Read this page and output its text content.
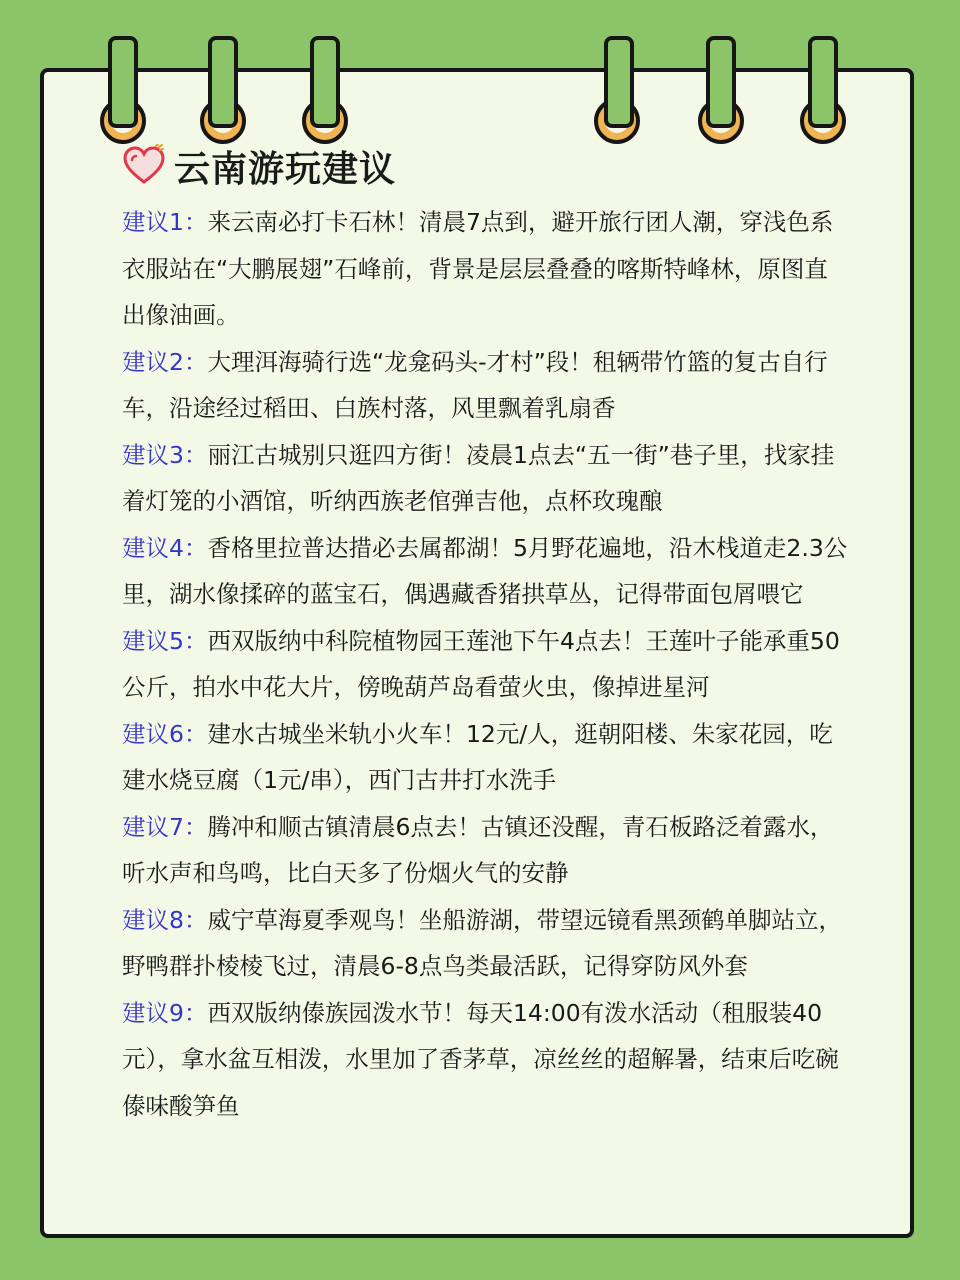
云南游玩建议

建议1：来云南必打卡石林！清晨7点到，避开旅行团人潮，穿浅色系衣服站在“大鹏展翅”石峰前，背景是层层叠叠的喀斯特峰林，原图直出像油画。

建议2：大理洱海骑行选“龙龛码头-才村”段！租辆带竹篮的复古自行车，沿途经过稻田、白族村落，风里飘着乳扇香

建议3：丽江古城别只逛四方街！凌晨1点去“五一街”巷子里，找家挂着灯笼的小酒馆，听纳西族老倌弹吉他，点杯玫瑰酿

建议4：香格里拉普达措必去属都湖！5月野花遍地，沿木栈道走2.3公里，湖水像揉碎的蓝宝石，偶遇藏香猪拱草丛，记得带面包屑喂它

建议5：西双版纳中科院植物园王莲池下午4点去！王莲叶子能承重50公斤，拍水中花大片，傍晚葫芦岛看萤火虫，像掉进星河

建议6：建水古城坐米轨小火车！12元/人，逛朝阳楼、朱家花园，吃建水烧豆腐（1元/串），西门古井打水洗手

建议7：腾冲和顺古镇清晨6点去！古镇还没醒，青石板路泛着露水，听水声和鸟鸣，比白天多了份烟火气的安静

建议8：威宁草海夏季观鸟！坐船游湖，带望远镜看黑颈鹤单脚站立，野鸭群扑棱棱飞过，清晨6-8点鸟类最活跃，记得穿防风外套

建议9：西双版纳傣族园泼水节！每天14:00有泼水活动（租服装40元），拿水盆互相泼，水里加了香茅草，凉丝丝的超解暑，结束后吃碗傣味酸笋鱼
